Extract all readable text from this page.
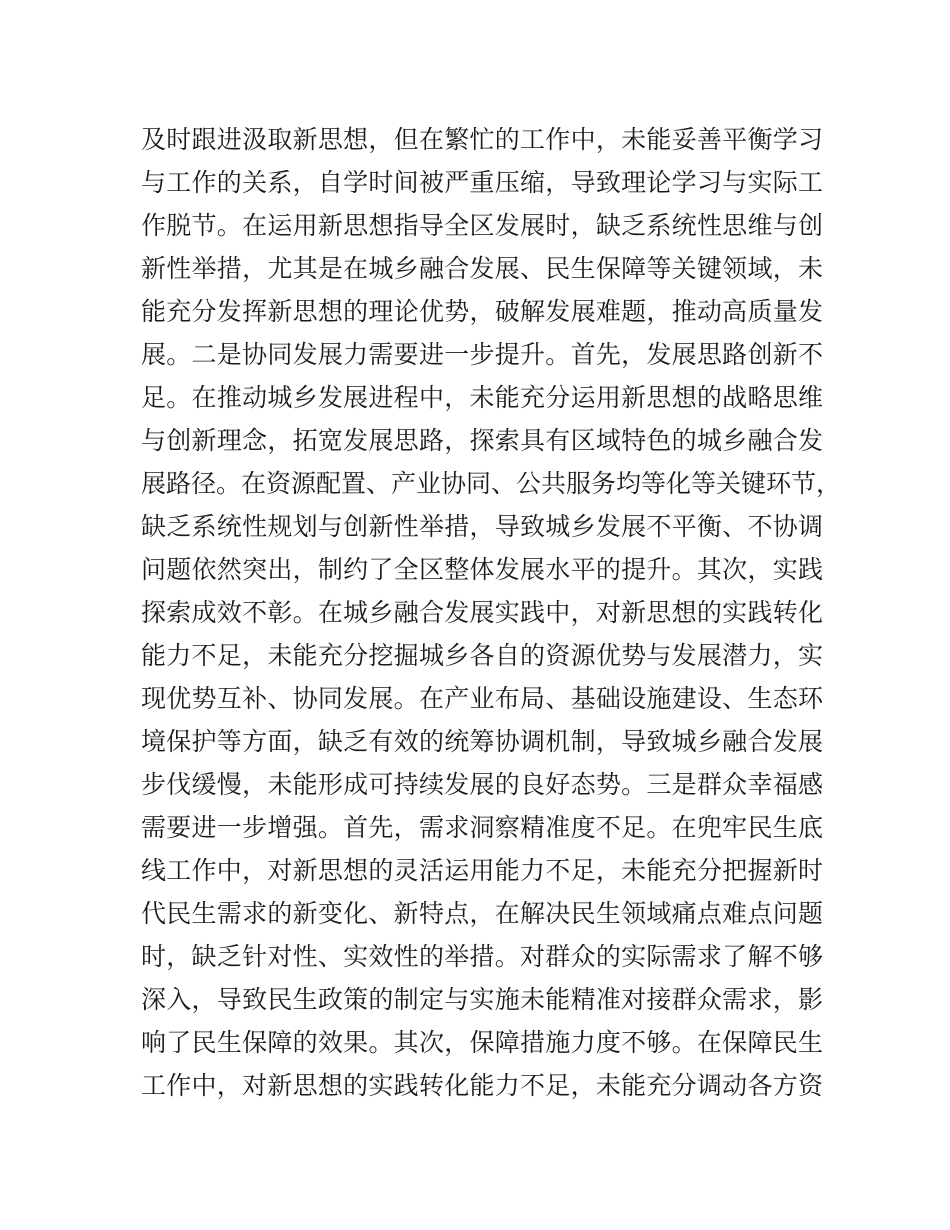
及时跟进汲取新思想，但在繁忙的工作中，未能妥善平衡学习
与工作的关系，自学时间被严重压缩，导致理论学习与实际工
作脱节。在运用新思想指导全区发展时，缺乏系统性思维与创
新性举措，尤其是在城乡融合发展、民生保障等关键领域，未
能充分发挥新思想的理论优势，破解发展难题，推动高质量发
展。二是协同发展力需要进一步提升。首先，发展思路创新不
足。在推动城乡发展进程中，未能充分运用新思想的战略思维
与创新理念，拓宽发展思路，探索具有区域特色的城乡融合发
展路径。在资源配置、产业协同、公共服务均等化等关键环节，
缺乏系统性规划与创新性举措，导致城乡发展不平衡、不协调
问题依然突出，制约了全区整体发展水平的提升。其次，实践
探索成效不彰。在城乡融合发展实践中，对新思想的实践转化
能力不足，未能充分挖掘城乡各自的资源优势与发展潜力，实
现优势互补、协同发展。在产业布局、基础设施建设、生态环
境保护等方面，缺乏有效的统筹协调机制，导致城乡融合发展
步伐缓慢，未能形成可持续发展的良好态势。三是群众幸福感
需要进一步增强。首先，需求洞察精准度不足。在兜牢民生底
线工作中，对新思想的灵活运用能力不足，未能充分把握新时
代民生需求的新变化、新特点，在解决民生领域痛点难点问题
时，缺乏针对性、实效性的举措。对群众的实际需求了解不够
深入，导致民生政策的制定与实施未能精准对接群众需求，影
响了民生保障的效果。其次，保障措施力度不够。在保障民生
工作中，对新思想的实践转化能力不足，未能充分调动各方资
